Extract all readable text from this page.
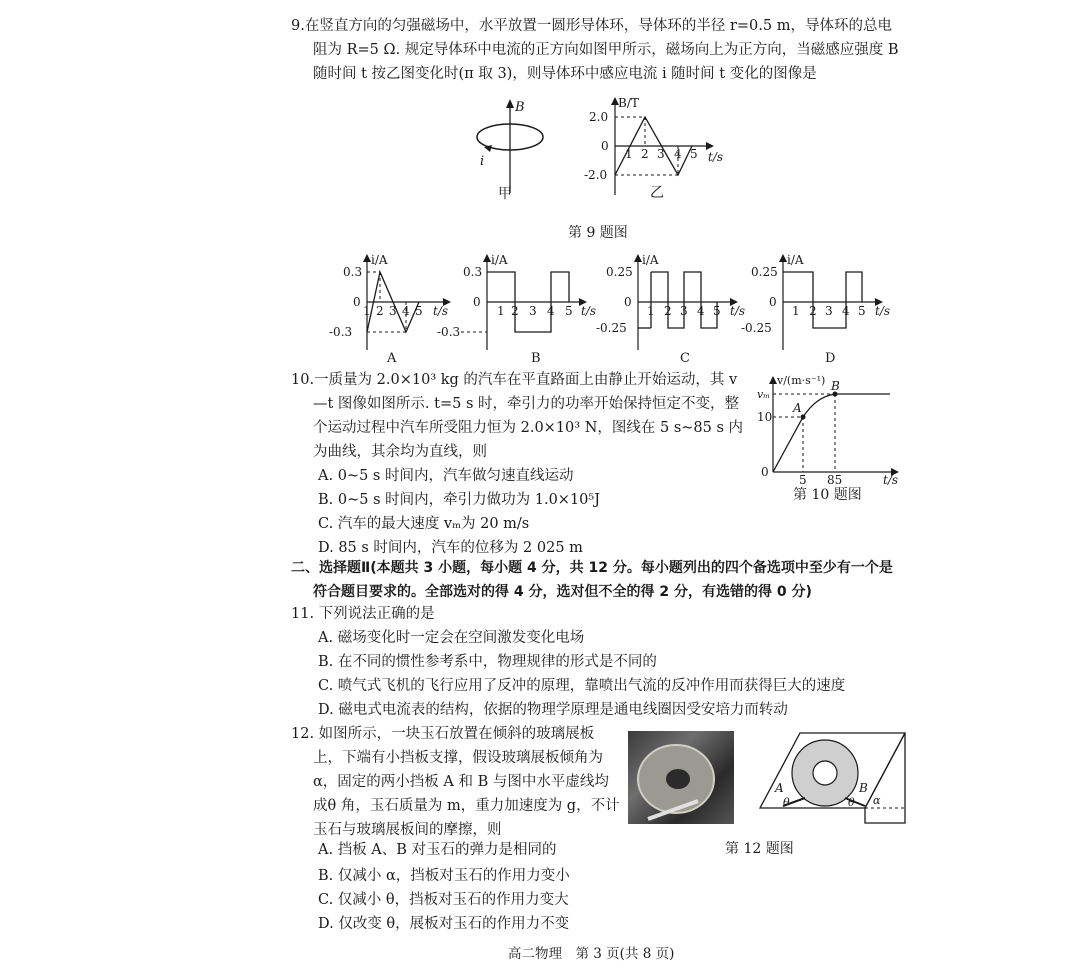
9.在竖直方向的匀强磁场中，水平放置一圆形导体环，导体环的半径 r=0.5 m，导体环的总电
阻为 R=5 Ω. 规定导体环中电流的正方向如图甲所示，磁场向上为正方向，当磁感应强度 B
随时间 t 按乙图变化时(π 取 3)，则导体环中感应电流 i 随时间 t 变化的图像是
B
i
甲
B/T
2.0
0
-2.0
1 2 3 4 5 t/s
乙
第 9 题图
i/A
0.3
0
-0.3
1 2 3 4 5 t/s
A
i/A
0.3
0
-0.3
1 2 3 4 5 t/s
B
i/A
0.25
0
-0.25
1 2 3 4 5 t/s
C
i/A
0.25
0
-0.25
1 2 3 4 5 t/s
D
10.一质量为 2.0×10³ kg 的汽车在平直路面上由静止开始运动，其 v
—t 图像如图所示. t=5 s 时，牵引力的功率开始保持恒定不变，整
个运动过程中汽车所受阻力恒为 2.0×10³ N，图线在 5 s~85 s 内
为曲线，其余均为直线，则
A. 0~5 s 时间内，汽车做匀速直线运动
B. 0~5 s 时间内，牵引力做功为 1.0×10⁵J
C. 汽车的最大速度 vₘ为 20 m/s
D. 85 s 时间内，汽车的位移为 2 025 m
v/(m·s⁻¹)
vₘ
10
0
5 85	t/s
A
B
第 10 题图
二、选择题Ⅱ(本题共 3 小题，每小题 4 分，共 12 分。每小题列出的四个备选项中至少有一个是
符合题目要求的。全部选对的得 4 分，选对但不全的得 2 分，有选错的得 0 分)
11. 下列说法正确的是
A. 磁场变化时一定会在空间激发变化电场
B. 在不同的惯性参考系中，物理规律的形式是不同的
C. 喷气式飞机的飞行应用了反冲的原理，靠喷出气流的反冲作用而获得巨大的速度
D. 磁电式电流表的结构，依据的物理学原理是通电线圈因受安培力而转动
12. 如图所示，一块玉石放置在倾斜的玻璃展板
上，下端有小挡板支撑，假设玻璃展板倾角为
α，固定的两小挡板 A 和 B 与图中水平虚线均
成θ 角，玉石质量为 m，重力加速度为 g，不计
玉石与玻璃展板间的摩擦，则
A. 挡板 A、B 对玉石的弹力是相同的
B. 仅减小 α，挡板对玉石的作用力变小
C. 仅减小 θ，挡板对玉石的作用力变大
D. 仅改变 θ，展板对玉石的作用力不变
A	B
θ	θ α
第 12 题图
高二物理　第 3 页(共 8 页)
